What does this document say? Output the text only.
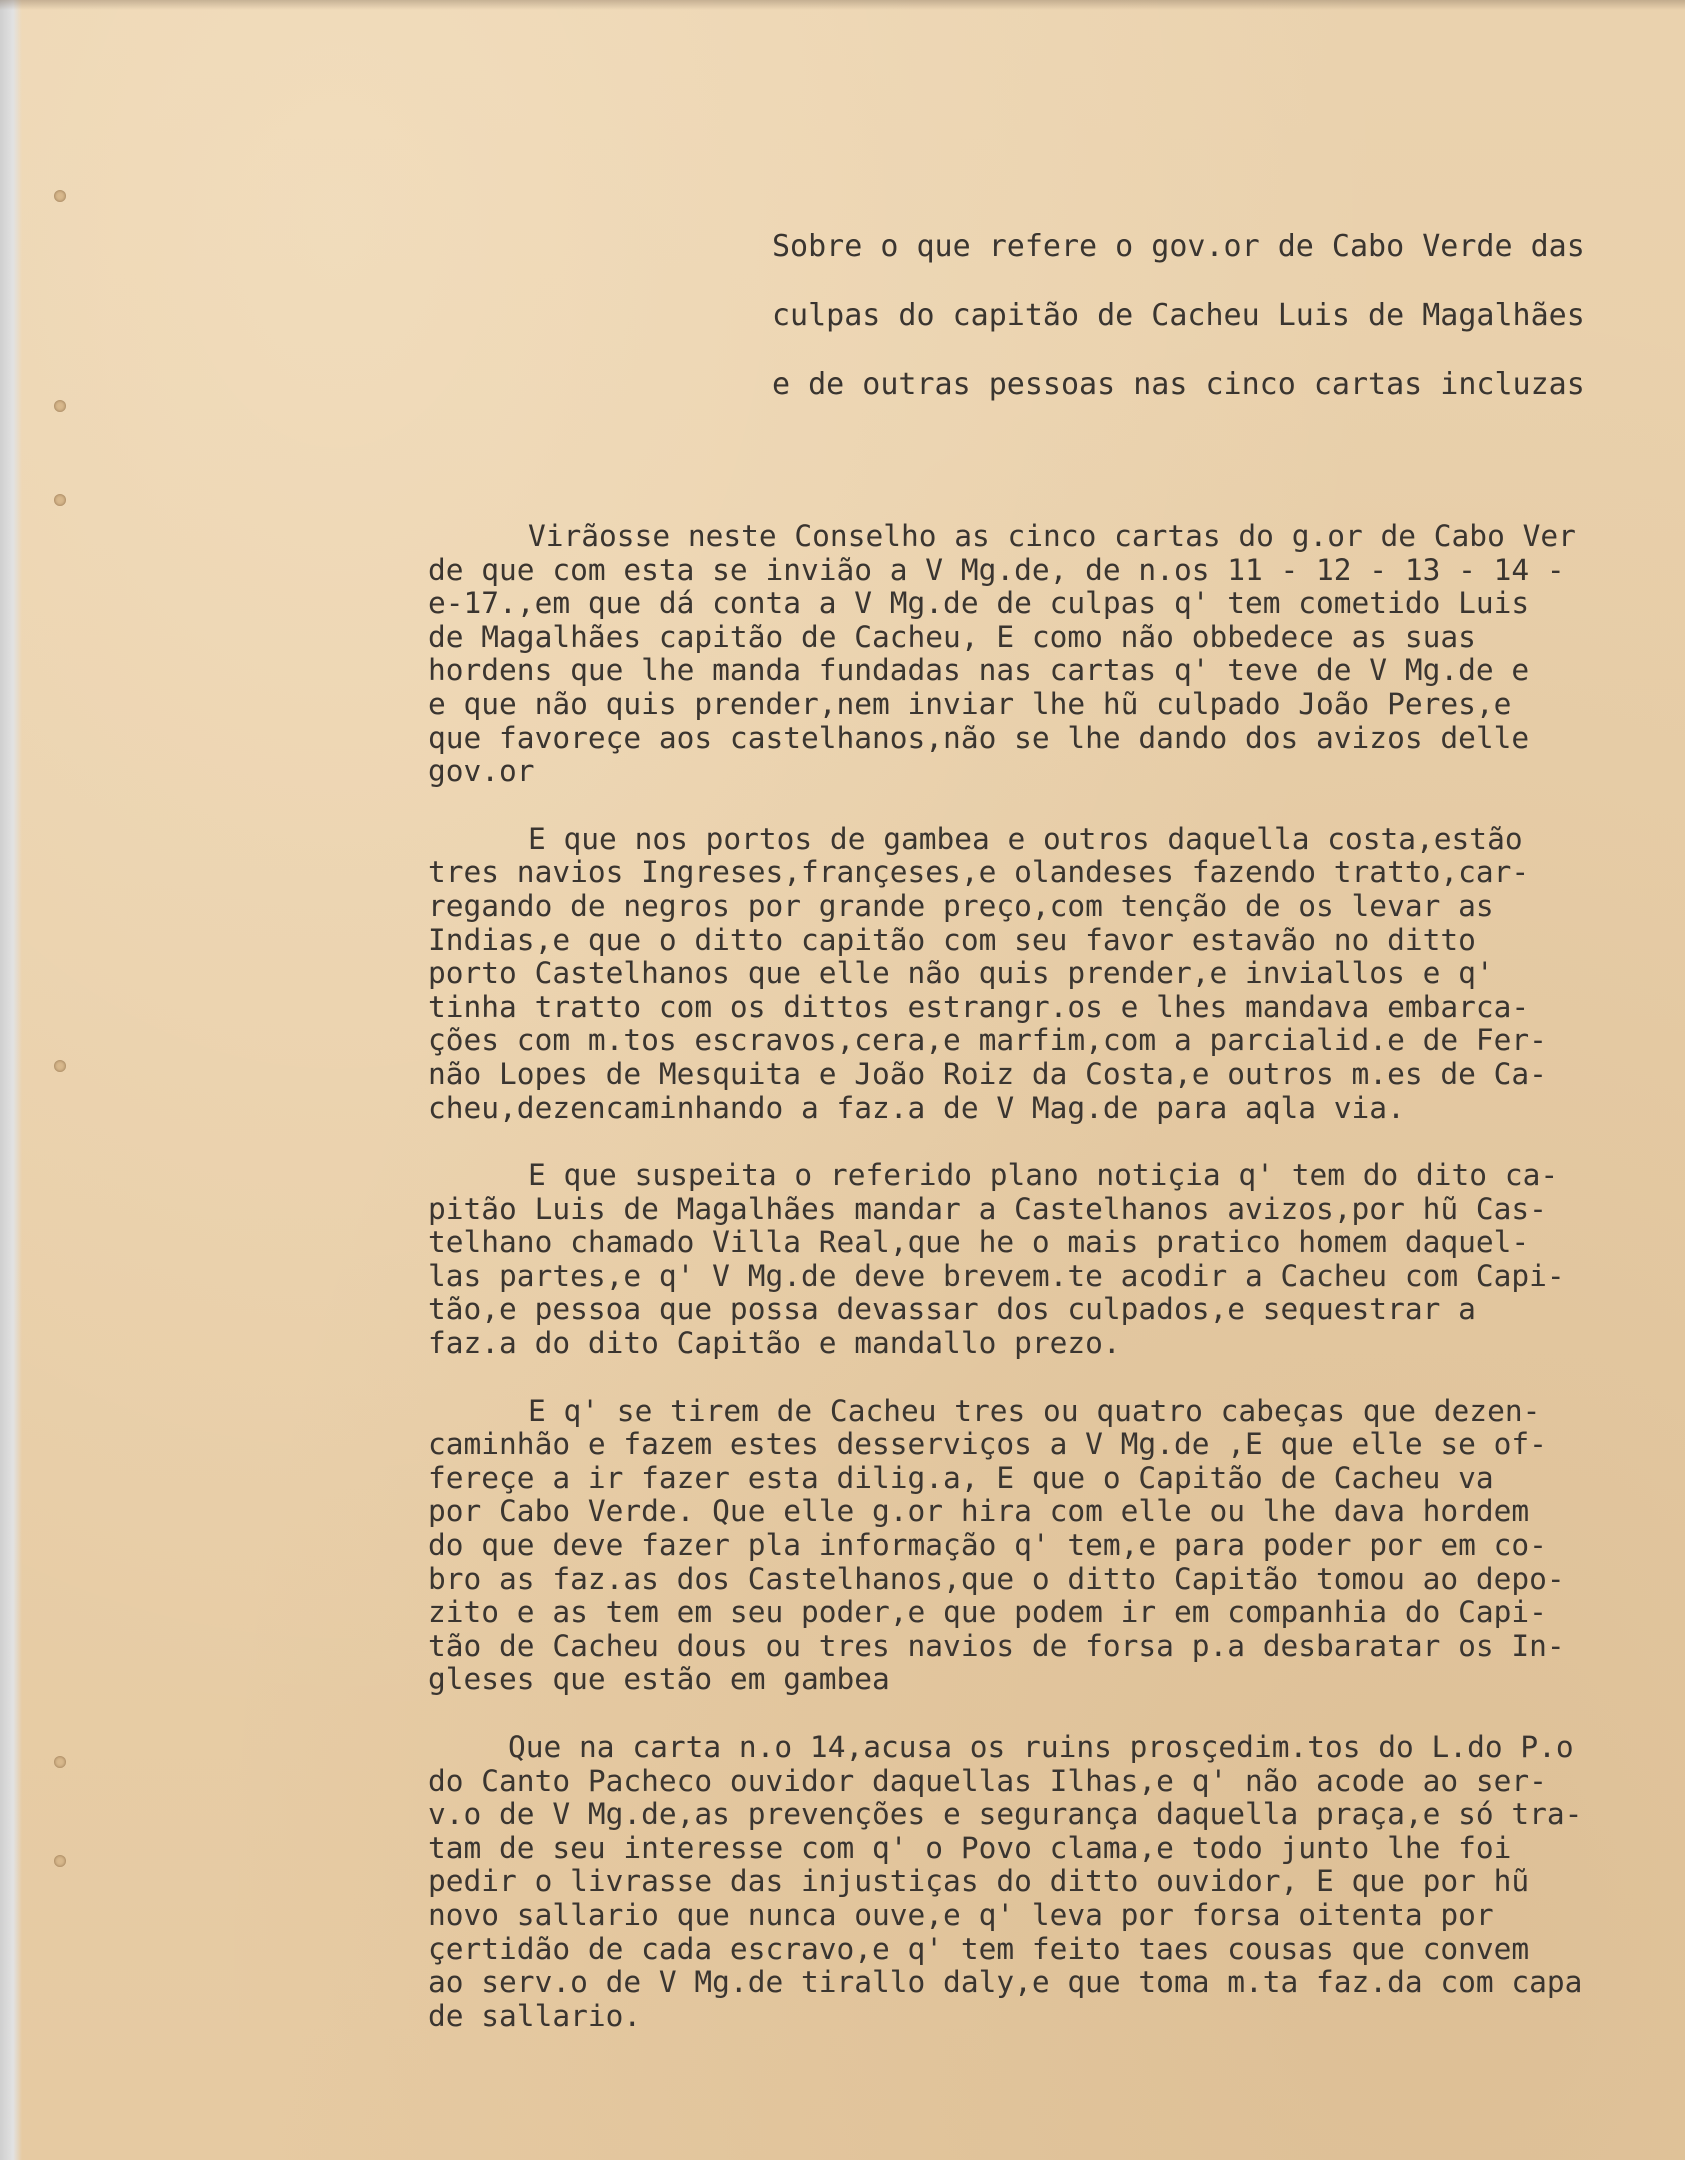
Sobre o que refere o gov.or de Cabo Verde das
culpas do capitão de Cacheu Luis de Magalhães
e de outras pessoas nas cinco cartas incluzas
Virãosse neste Conselho as cinco cartas do g.or de Cabo Ver
de que com esta se invião a V Mg.de, de n.os 11 - 12 - 13 - 14 -
e-17.,em que dá conta a V Mg.de de culpas q' tem cometido Luis
de Magalhães capitão de Cacheu, E como não obbedece as suas
hordens que lhe manda fundadas nas cartas q' teve de V Mg.de e
e que não quis prender,nem inviar lhe hũ culpado João Peres,e
que favoreçe aos castelhanos,não se lhe dando dos avizos delle
gov.or
E que nos portos de gambea e outros daquella costa,estão
tres navios Ingreses,françeses,e olandeses fazendo tratto,car-
regando de negros por grande preço,com tenção de os levar as
Indias,e que o ditto capitão com seu favor estavão no ditto
porto Castelhanos que elle não quis prender,e inviallos e q'
tinha tratto com os dittos estrangr.os e lhes mandava embarca-
ções com m.tos escravos,cera,e marfim,com a parcialid.e de Fer-
não Lopes de Mesquita e João Roiz da Costa,e outros m.es de Ca-
cheu,dezencaminhando a faz.a de V Mag.de para aqla via.
E que suspeita o referido plano notiçia q' tem do dito ca-
pitão Luis de Magalhães mandar a Castelhanos avizos,por hũ Cas-
telhano chamado Villa Real,que he o mais pratico homem daquel-
las partes,e q' V Mg.de deve brevem.te acodir a Cacheu com Capi-
tão,e pessoa que possa devassar dos culpados,e sequestrar a
faz.a do dito Capitão e mandallo prezo.
E q' se tirem de Cacheu tres ou quatro cabeças que dezen-
caminhão e fazem estes desserviços a V Mg.de ,E que elle se of-
fereçe a ir fazer esta dilig.a, E que o Capitão de Cacheu va
por Cabo Verde. Que elle g.or hira com elle ou lhe dava hordem
do que deve fazer pla informação q' tem,e para poder por em co-
bro as faz.as dos Castelhanos,que o ditto Capitão tomou ao depo-
zito e as tem em seu poder,e que podem ir em companhia do Capi-
tão de Cacheu dous ou tres navios de forsa p.a desbaratar os In-
gleses que estão em gambea
Que na carta n.o 14,acusa os ruins prosçedim.tos do L.do P.o
do Canto Pacheco ouvidor daquellas Ilhas,e q' não acode ao ser-
v.o de V Mg.de,as prevenções e segurança daquella praça,e só tra-
tam de seu interesse com q' o Povo clama,e todo junto lhe foi
pedir o livrasse das injustiças do ditto ouvidor, E que por hũ
novo sallario que nunca ouve,e q' leva por forsa oitenta por
çertidão de cada escravo,e q' tem feito taes cousas que convem
ao serv.o de V Mg.de tirallo daly,e que toma m.ta faz.da com capa
de sallario.
